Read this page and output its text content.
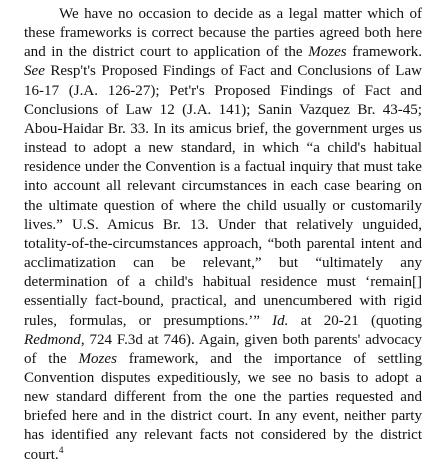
We have no occasion to decide as a legal matter which of these frameworks is correct because the parties agreed both here and in the district court to application of the Mozes framework. See Resp't's Proposed Findings of Fact and Conclusions of Law 16-17 (J.A. 126-27); Pet'r's Proposed Findings of Fact and Conclusions of Law 12 (J.A. 141); Sanin Vazquez Br. 43-45; Abou-Haidar Br. 33. In its amicus brief, the government urges us instead to adopt a new standard, in which “a child's habitual residence under the Convention is a factual inquiry that must take into account all relevant circumstances in each case bearing on the ultimate question of where the child usually or customarily lives.” U.S. Amicus Br. 13. Under that relatively unguided, totality-of-the-circumstances approach, “both parental intent and acclimatization can be relevant,” but “ultimately any determination of a child's habitual residence must ‘remain[] essentially fact-bound, practical, and unencumbered with rigid rules, formulas, or presumptions.’” Id. at 20-21 (quoting Redmond, 724 F.3d at 746). Again, given both parents' advocacy of the Mozes framework, and the importance of settling Convention disputes expeditiously, we see no basis to adopt a new standard different from the one the parties requested and briefed here and in the district court. In any event, neither party has identified any relevant facts not considered by the district court.$^4$
